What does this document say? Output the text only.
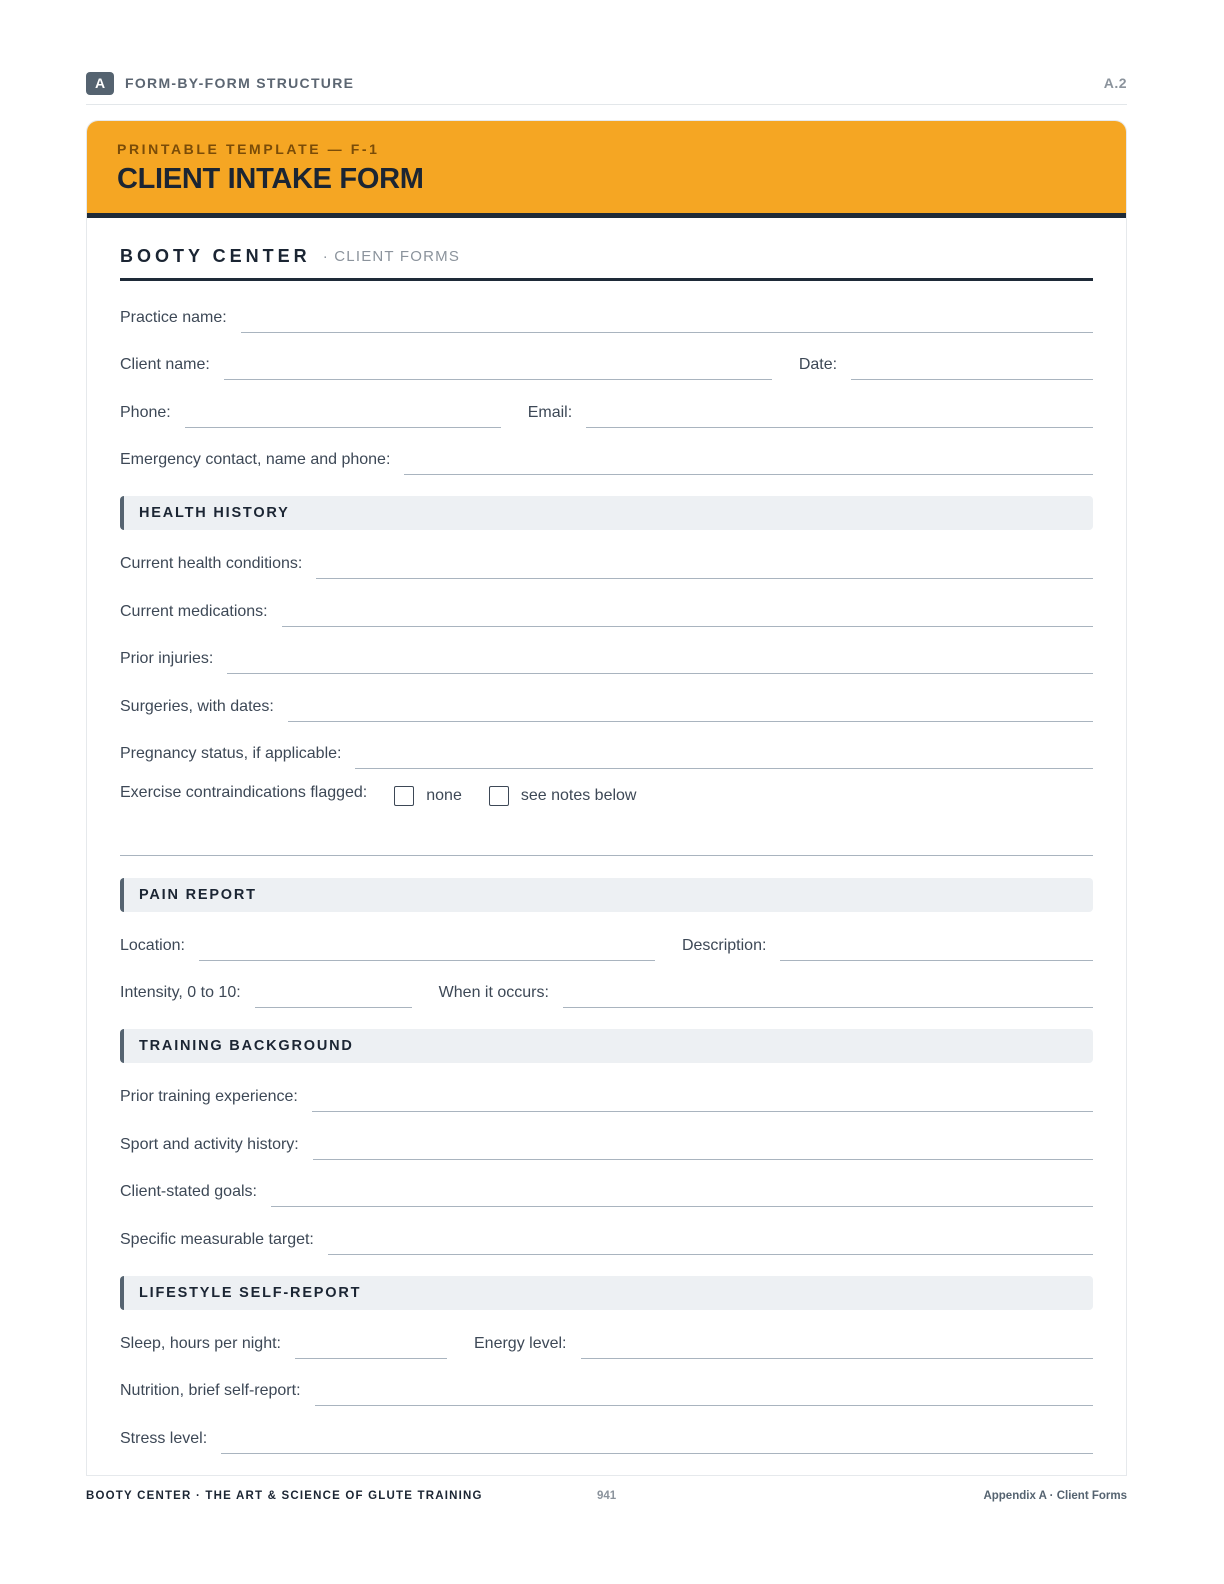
A	FORM-BY-FORM STRUCTURE	A.2
PRINTABLE TEMPLATE — F-1
CLIENT INTAKE FORM
BOOTY CENTER · CLIENT FORMS
Practice name:
Client name:	Date:
Phone:	Email:
Emergency contact, name and phone:
HEALTH HISTORY
Current health conditions:
Current medications:
Prior injuries:
Surgeries, with dates:
Pregnancy status, if applicable:
Exercise contraindications flagged:	none	see notes below
PAIN REPORT
Location:	Description:
Intensity, 0 to 10:	When it occurs:
TRAINING BACKGROUND
Prior training experience:
Sport and activity history:
Client-stated goals:
Specific measurable target:
LIFESTYLE SELF-REPORT
Sleep, hours per night:	Energy level:
Nutrition, brief self-report:
Stress level:
BOOTY CENTER · THE ART & SCIENCE OF GLUTE TRAINING	941	Appendix A · Client Forms
